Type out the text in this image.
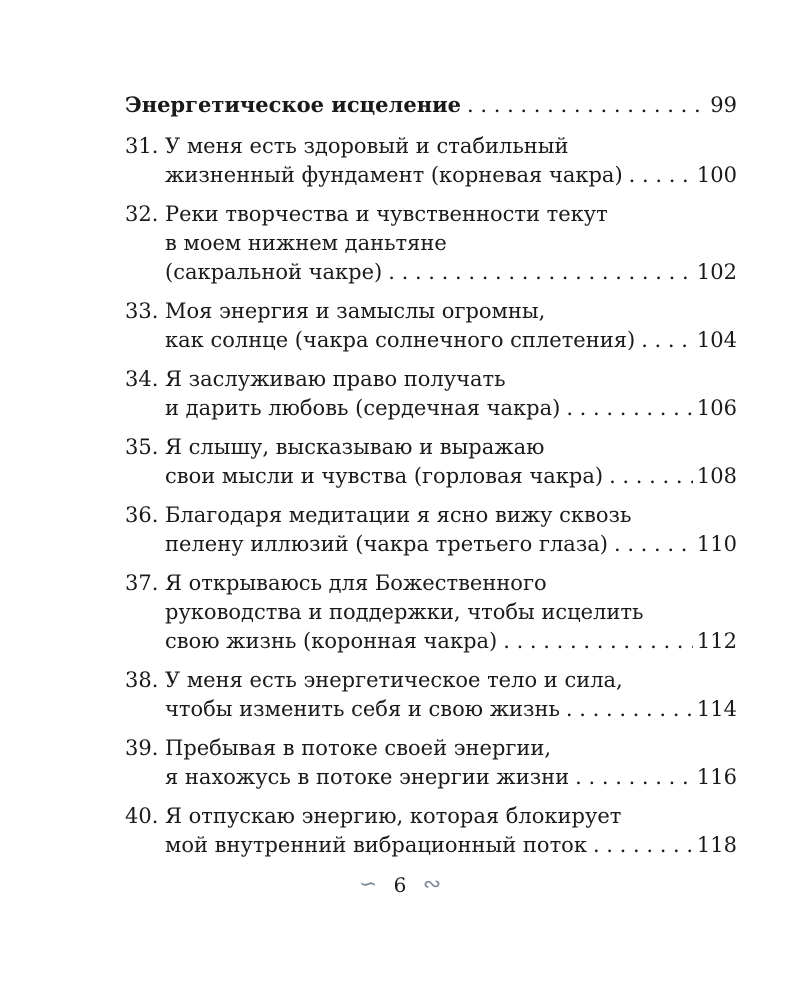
Энергетическое исцеление . . .	99
31. У меня есть здоровый и стабильный
жизненный фундамент (корневая чакра) . . .	100
32. Реки творчества и чувственности текут
в моем нижнем даньтяне
(сакральной чакре) . . .	102
33. Моя энергия и замыслы огромны,
как солнце (чакра солнечного сплетения) . . .	104
34. Я заслуживаю право получать
и дарить любовь (сердечная чакра) . . .	106
35. Я слышу, высказываю и выражаю
свои мысли и чувства (горловая чакра) . . .	108
36. Благодаря медитации я ясно вижу сквозь
пелену иллюзий (чакра третьего глаза) . . .	110
37. Я открываюсь для Божественного
руководства и поддержки, чтобы исцелить
свою жизнь (коронная чакра) . . .	112
38. У меня есть энергетическое тело и сила,
чтобы изменить себя и свою жизнь . . .	114
39. Пребывая в потоке своей энергии,
я нахожусь в потоке энергии жизни . . .	116
40. Я отпускаю энергию, которая блокирует
мой внутренний вибрационный поток . . .	118
∽ 6 ∾
